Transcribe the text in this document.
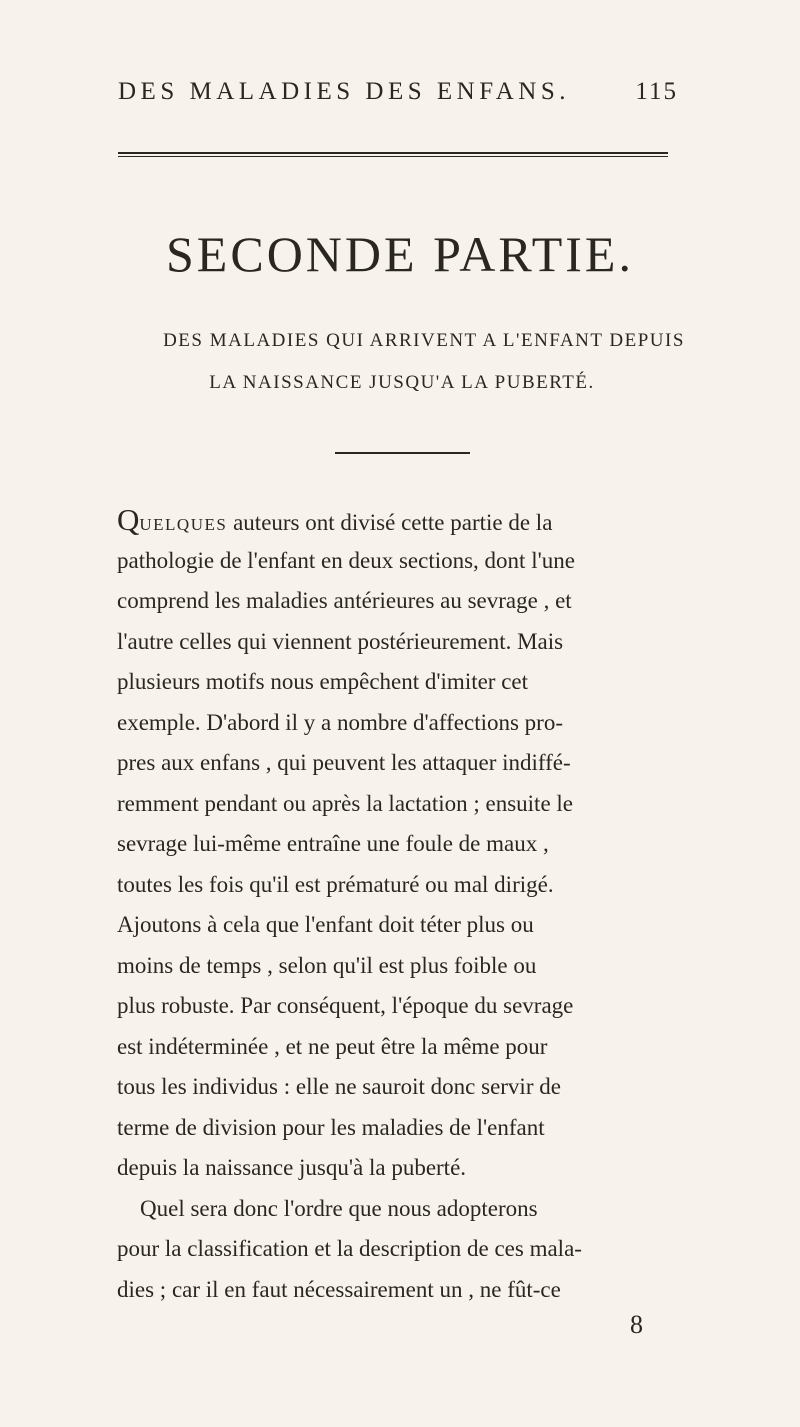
DES MALADIES DES ENFANS.	115
SECONDE PARTIE.
DES MALADIES QUI ARRIVENT A L'ENFANT DEPUIS
LA NAISSANCE JUSQU'A LA PUBERTÉ.
QUELQUES auteurs ont divisé cette partie de la
pathologie de l'enfant en deux sections, dont l'une
comprend les maladies antérieures au sevrage , et
l'autre celles qui viennent postérieurement. Mais
plusieurs motifs nous empêchent d'imiter cet
exemple. D'abord il y a nombre d'affections pro-
pres aux enfans , qui peuvent les attaquer indiffé-
remment pendant ou après la lactation ; ensuite le
sevrage lui-même entraîne une foule de maux ,
toutes les fois qu'il est prématuré ou mal dirigé.
Ajoutons à cela que l'enfant doit téter plus ou
moins de temps , selon qu'il est plus foible ou
plus robuste. Par conséquent, l'époque du sevrage
est indéterminée , et ne peut être la même pour
tous les individus : elle ne sauroit donc servir de
terme de division pour les maladies de l'enfant
depuis la naissance jusqu'à la puberté.
Quel sera donc l'ordre que nous adopterons
pour la classification et la description de ces mala-
dies ; car il en faut nécessairement un , ne fût-ce
8
